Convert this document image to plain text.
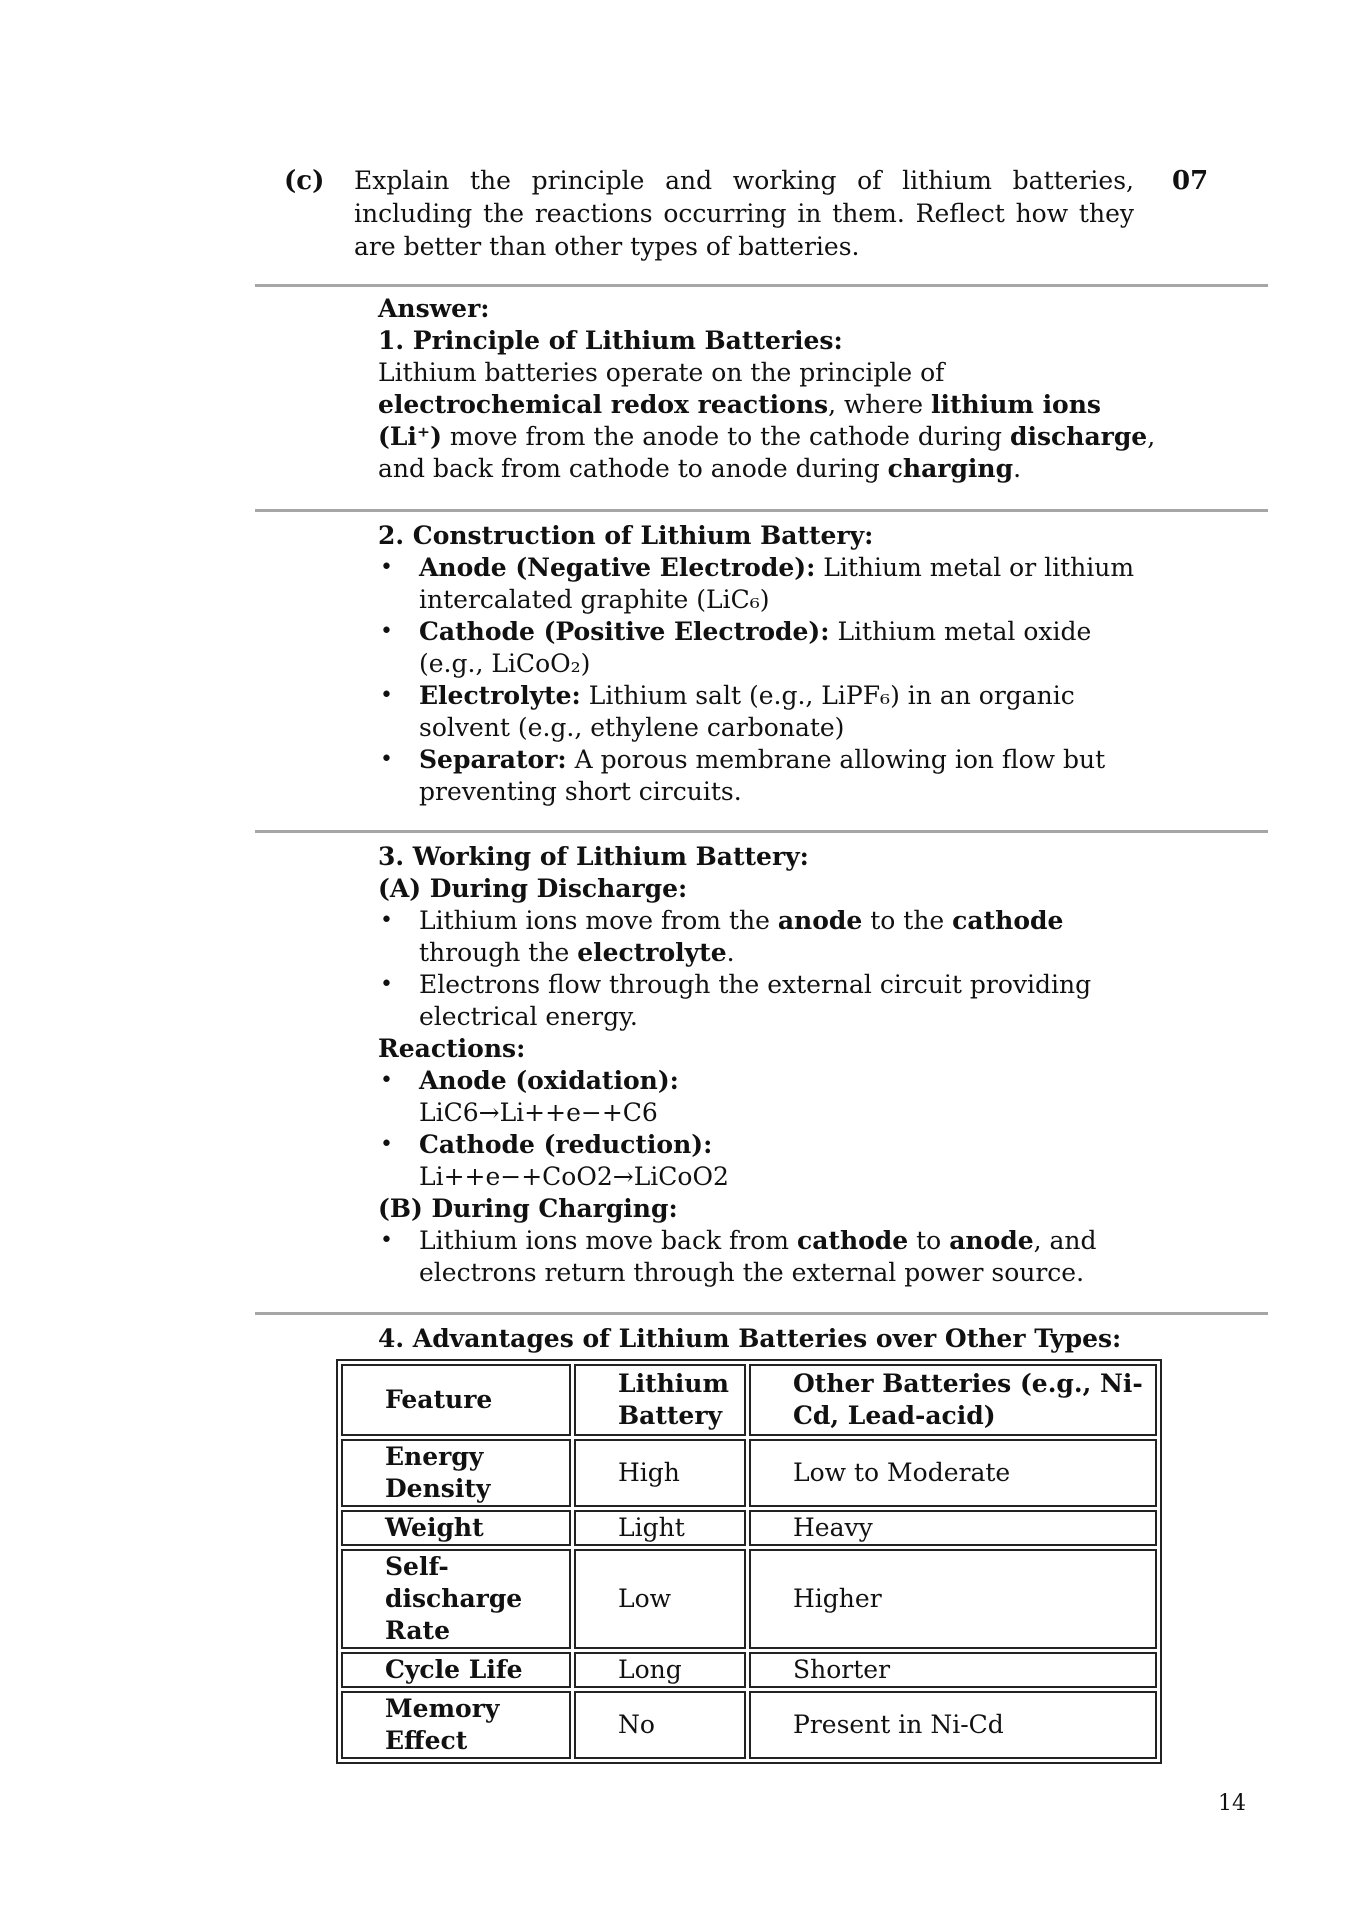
(c) Explain the principle and working of lithium batteries, including the reactions occurring in them. Reflect how they are better than other types of batteries.
07

Answer:

1. Principle of Lithium Batteries:

Lithium batteries operate on the principle of electrochemical redox reactions, where lithium ions (Li⁺) move from the anode to the cathode during discharge, and back from cathode to anode during charging.

2. Construction of Lithium Battery:

• Anode (Negative Electrode): Lithium metal or lithium intercalated graphite (LiC₆)
• Cathode (Positive Electrode): Lithium metal oxide (e.g., LiCoO₂)
• Electrolyte: Lithium salt (e.g., LiPF₆) in an organic solvent (e.g., ethylene carbonate)
• Separator: A porous membrane allowing ion flow but preventing short circuits.

3. Working of Lithium Battery:

(A) During Discharge:

• Lithium ions move from the anode to the cathode through the electrolyte.
• Electrons flow through the external circuit providing electrical energy.

Reactions:

• Anode (oxidation):
LiC6→Li++e−+C6
• Cathode (reduction):
Li++e−+CoO2→LiCoO2

(B) During Charging:

• Lithium ions move back from cathode to anode, and electrons return through the external power source.

4. Advantages of Lithium Batteries over Other Types:

Feature	Lithium Battery	Other Batteries (e.g., Ni-Cd, Lead-acid)
Energy Density	High	Low to Moderate
Weight	Light	Heavy
Self-discharge Rate	Low	Higher
Cycle Life	Long	Shorter
Memory Effect	No	Present in Ni-Cd
14
